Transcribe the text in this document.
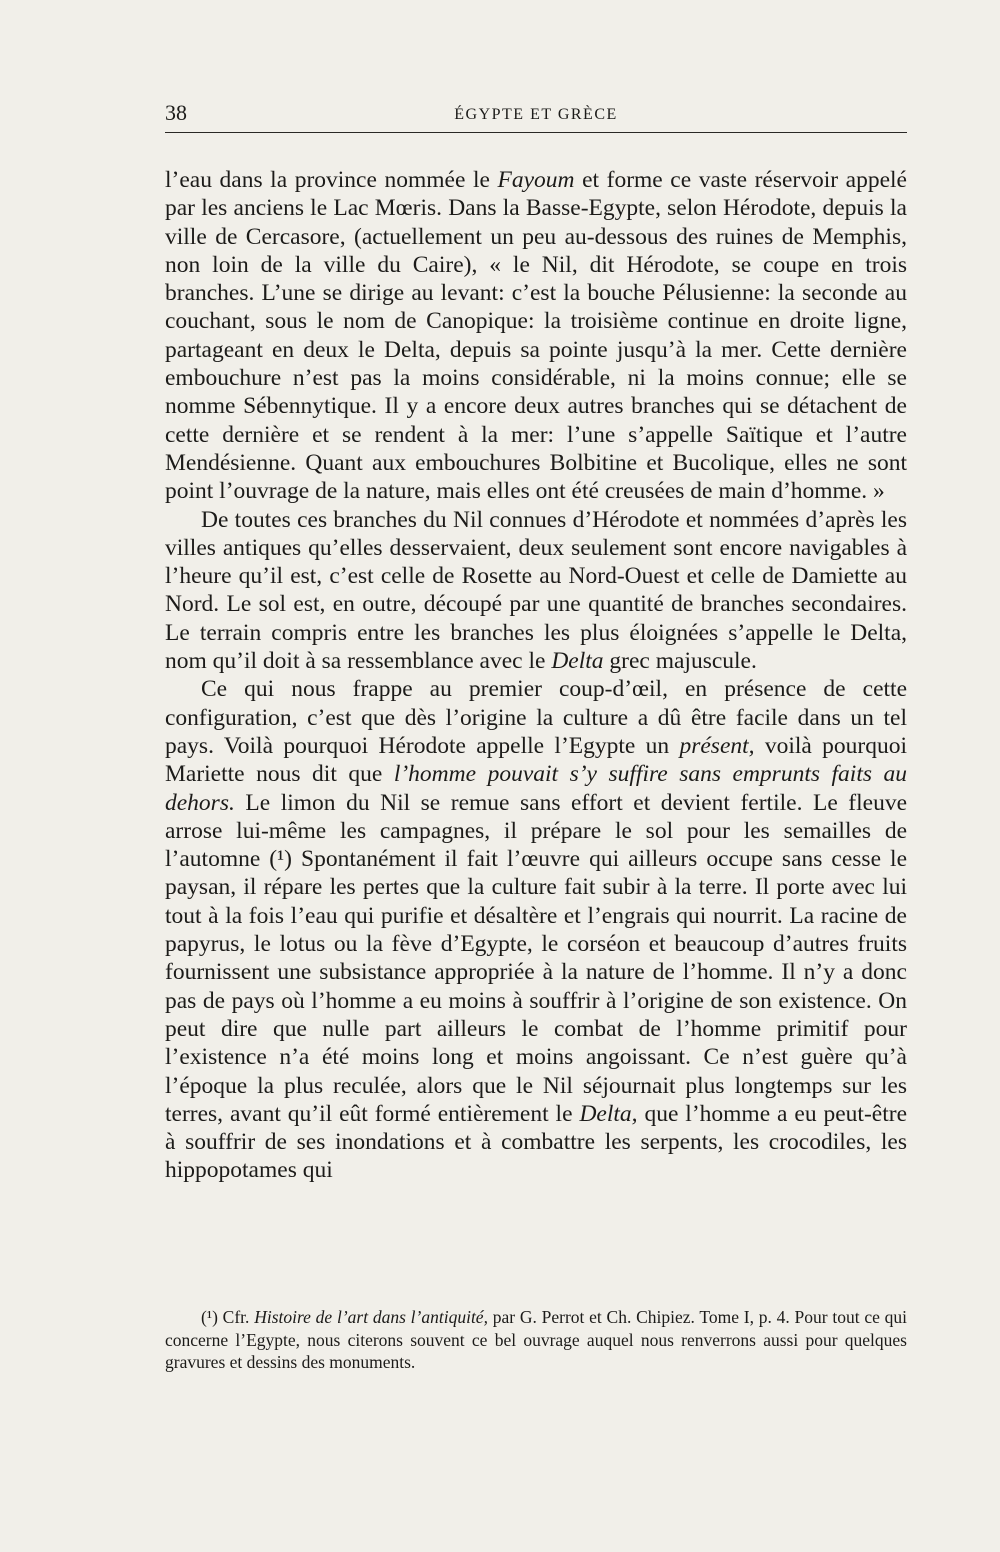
38	ÉGYPTE ET GRÈCE

l’eau dans la province nommée le Fayoum et forme ce vaste réservoir appelé par les anciens le Lac Mœris. Dans la Basse-Egypte, selon Hérodote, depuis la ville de Cercasore, (actuellement un peu au-dessous des ruines de Memphis, non loin de la ville du Caire), « le Nil, dit Hérodote, se coupe en trois branches. L’une se dirige au levant: c’est la bouche Pélusienne: la seconde au couchant, sous le nom de Canopique: la troisième continue en droite ligne, partageant en deux le Delta, depuis sa pointe jusqu’à la mer. Cette dernière embouchure n’est pas la moins considérable, ni la moins connue; elle se nomme Sébennytique. Il y a encore deux autres branches qui se détachent de cette dernière et se rendent à la mer: l’une s’appelle Saïtique et l’autre Mendésienne. Quant aux embouchures Bolbitine et Bucolique, elles ne sont point l’ouvrage de la nature, mais elles ont été creusées de main d’homme. »

De toutes ces branches du Nil connues d’Hérodote et nommées d’après les villes antiques qu’elles desservaient, deux seulement sont encore navigables à l’heure qu’il est, c’est celle de Rosette au Nord-Ouest et celle de Damiette au Nord. Le sol est, en outre, découpé par une quantité de branches secondaires. Le terrain compris entre les branches les plus éloignées s’appelle le Delta, nom qu’il doit à sa ressemblance avec le Delta grec majuscule.

Ce qui nous frappe au premier coup-d’œil, en présence de cette configuration, c’est que dès l’origine la culture a dû être facile dans un tel pays. Voilà pourquoi Hérodote appelle l’Egypte un présent, voilà pourquoi Mariette nous dit que l’homme pouvait s’y suffire sans emprunts faits au dehors. Le limon du Nil se remue sans effort et devient fertile. Le fleuve arrose lui-même les campagnes, il prépare le sol pour les semailles de l’automne (¹) Spontanément il fait l’œuvre qui ailleurs occupe sans cesse le paysan, il répare les pertes que la culture fait subir à la terre. Il porte avec lui tout à la fois l’eau qui purifie et désaltère et l’engrais qui nourrit. La racine de papyrus, le lotus ou la fève d’Egypte, le corséon et beaucoup d’autres fruits fournissent une subsistance appropriée à la nature de l’homme. Il n’y a donc pas de pays où l’homme a eu moins à souffrir à l’origine de son existence. On peut dire que nulle part ailleurs le combat de l’homme primitif pour l’existence n’a été moins long et moins angoissant. Ce n’est guère qu’à l’époque la plus reculée, alors que le Nil séjournait plus longtemps sur les terres, avant qu’il eût formé entièrement le Delta, que l’homme a eu peut-être à souffrir de ses inondations et à combattre les serpents, les crocodiles, les hippopotames qui

(¹) Cfr. Histoire de l’art dans l’antiquité, par G. Perrot et Ch. Chipiez. Tome I, p. 4. Pour tout ce qui concerne l’Egypte, nous citerons souvent ce bel ouvrage auquel nous renverrons aussi pour quelques gravures et dessins des monuments.
